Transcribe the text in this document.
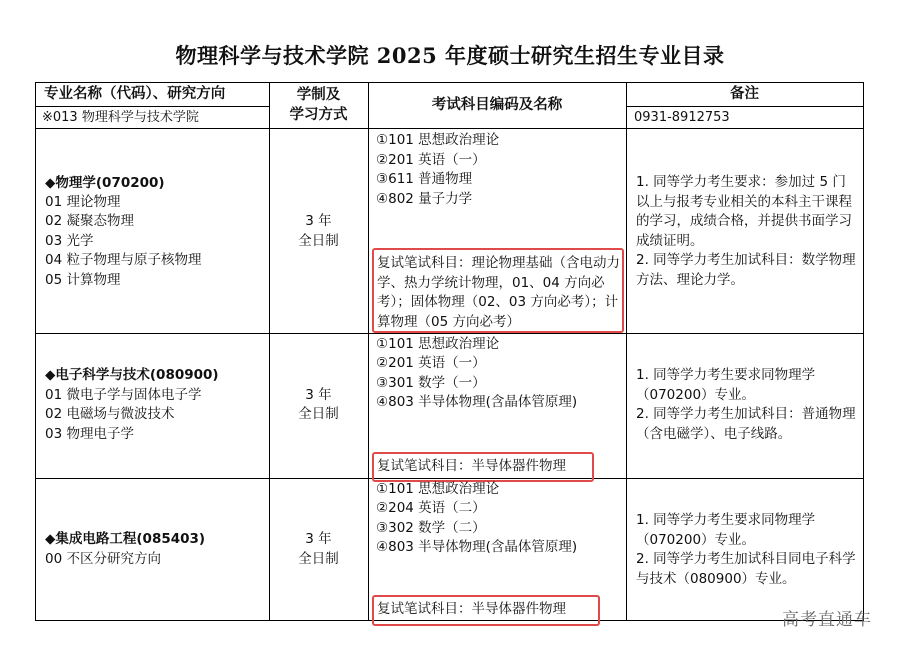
物理科学与技术学院 2025 年度硕士研究生招生专业目录
专业名称（代码）、研究方向
※013 物理科学与技术学院
学制及
学习方式
考试科目编码及名称
备注
0931-8912753
◆物理学(070200)
01 理论物理
02 凝聚态物理
03 光学
04 粒子物理与原子核物理
05 计算物理
3 年
全日制
①101 思想政治理论
②201 英语（一）
③611 普通物理
④802 量子力学
复试笔试科目：理论物理基础（含电动力学、热力学统计物理，01、04 方向必考）；固体物理（02、03 方向必考）；计算物理（05 方向必考）
1. 同等学力考生要求：参加过 5 门以上与报考专业相关的本科主干课程的学习，成绩合格，并提供书面学习成绩证明。
2. 同等学力考生加试科目：数学物理方法、理论力学。
◆电子科学与技术(080900)
01 微电子学与固体电子学
02 电磁场与微波技术
03 物理电子学
3 年
全日制
①101 思想政治理论
②201 英语（一）
③301 数学（一）
④803 半导体物理(含晶体管原理)
复试笔试科目：半导体器件物理
1. 同等学力考生要求同物理学（070200）专业。
2. 同等学力考生加试科目：普通物理（含电磁学）、电子线路。
◆集成电路工程(085403)
00 不区分研究方向
3 年
全日制
①101 思想政治理论
②204 英语（二）
③302 数学（二）
④803 半导体物理(含晶体管原理)
复试笔试科目：半导体器件物理
1. 同等学力考生要求同物理学（070200）专业。
2. 同等学力考生加试科目同电子科学与技术（080900）专业。
高考直通车
